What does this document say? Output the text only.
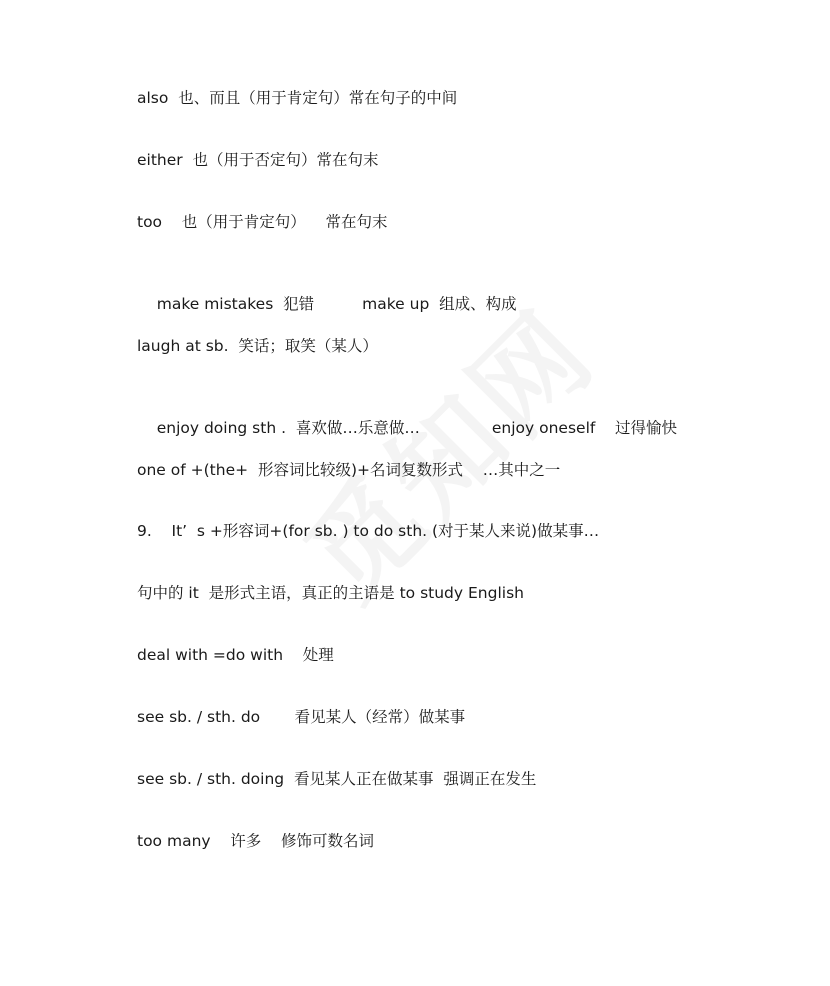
also  也、而且（用于肯定句）常在句子的中间
either  也（用于否定句）常在句末
too    也（用于肯定句）    常在句末

make mistakes  犯错	make up  组成、构成

laugh at sb.  笑话；取笑（某人）

enjoy doing sth .  喜欢做…乐意做…	enjoy oneself    过得愉快

one of +(the+  形容词比较级)+名词复数形式    …其中之一
9.    It’  s +形容词+(for sb. ) to do sth. (对于某人来说)做某事…
句中的 it  是形式主语，真正的主语是 to study English
deal with =do with    处理
see sb. / sth. do       看见某人（经常）做某事
see sb. / sth. doing  看见某人正在做某事  强调正在发生
too many    许多    修饰可数名词
